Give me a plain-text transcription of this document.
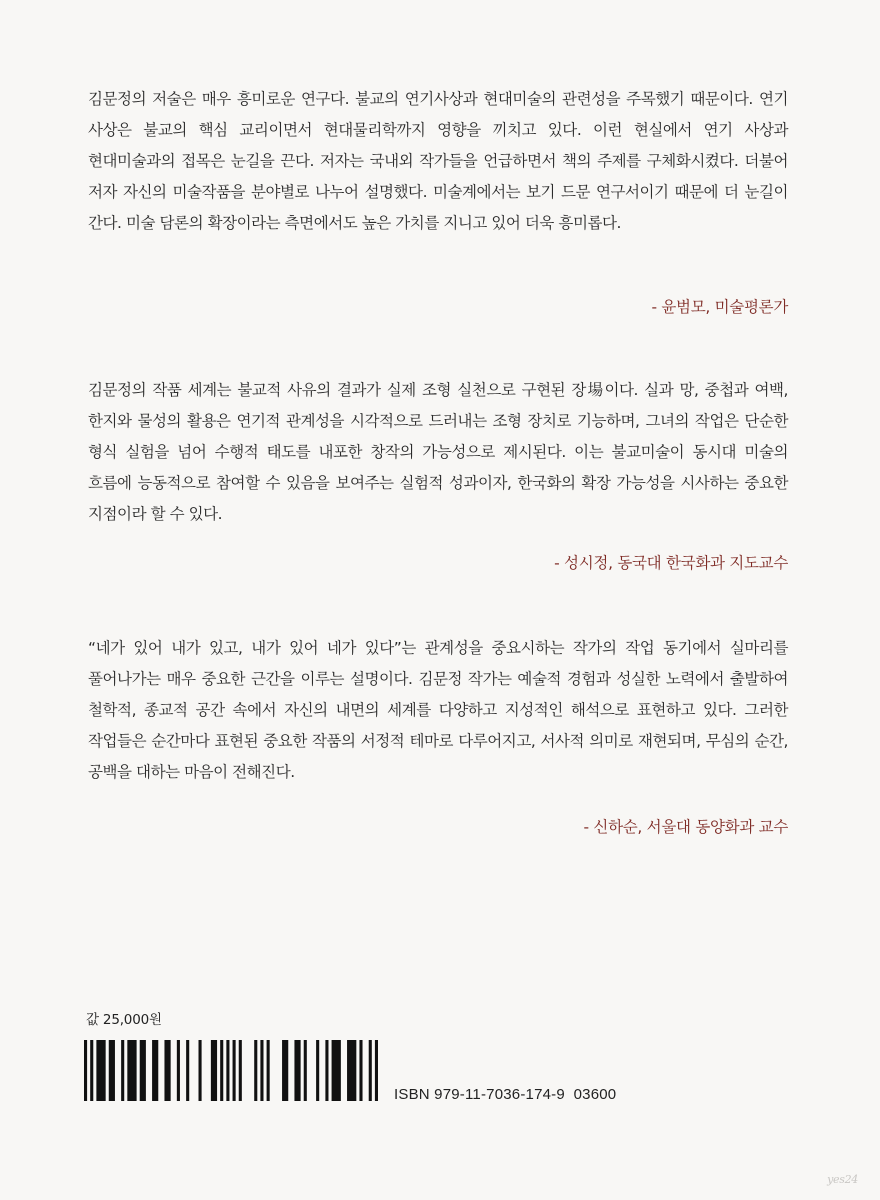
김문정의 저술은 매우 흥미로운 연구다. 불교의 연기사상과 현대미술의 관련성을 주목했기 때문이다. 연기 사상은 불교의 핵심 교리이면서 현대물리학까지 영향을 끼치고 있다. 이런 현실에서 연기 사상과 현대미술과의 접목은 눈길을 끈다. 저자는 국내외 작가들을 언급하면서 책의 주제를 구체화시켰다. 더불어 저자 자신의 미술작품을 분야별로 나누어 설명했다. 미술계에서는 보기 드문 연구서이기 때문에 더 눈길이 간다. 미술 담론의 확장이라는 측면에서도 높은 가치를 지니고 있어 더욱 흥미롭다.

- 윤범모, 미술평론가

김문정의 작품 세계는 불교적 사유의 결과가 실제 조형 실천으로 구현된 장場이다. 실과 망, 중첩과 여백, 한지와 물성의 활용은 연기적 관계성을 시각적으로 드러내는 조형 장치로 기능하며, 그녀의 작업은 단순한 형식 실험을 넘어 수행적 태도를 내포한 창작의 가능성으로 제시된다. 이는 불교미술이 동시대 미술의 흐름에 능동적으로 참여할 수 있음을 보여주는 실험적 성과이자, 한국화의 확장 가능성을 시사하는 중요한 지점이라 할 수 있다.

- 성시정, 동국대 한국화과 지도교수

“네가 있어 내가 있고, 내가 있어 네가 있다”는 관계성을 중요시하는 작가의 작업 동기에서 실마리를 풀어나가는 매우 중요한 근간을 이루는 설명이다. 김문정 작가는 예술적 경험과 성실한 노력에서 출발하여 철학적, 종교적 공간 속에서 자신의 내면의 세계를 다양하고 지성적인 해석으로 표현하고 있다. 그러한 작업들은 순간마다 표현된 중요한 작품의 서정적 테마로 다루어지고, 서사적 의미로 재현되며, 무심의 순간, 공백을 대하는 마음이 전해진다.

- 신하순, 서울대 동양화과 교수
값 25,000원
ISBN 979-11-7036-174-9  03600
yes24
